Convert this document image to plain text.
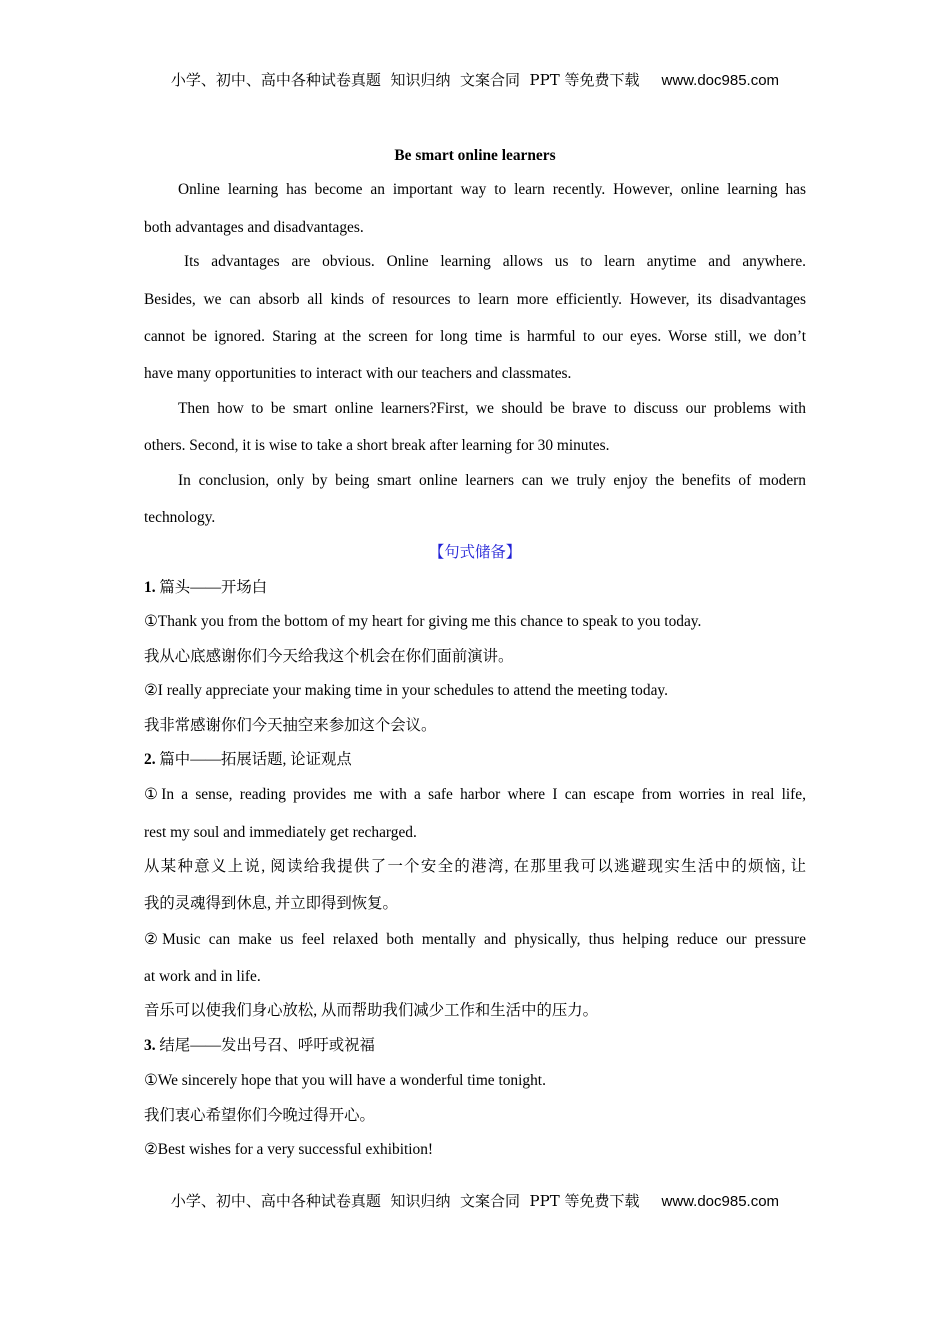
小学、初中、高中各种试卷真题  知识归纳  文案合同  PPT 等免费下载 www.doc985.com
Be smart online learners
Online learning has become an important way to learn recently. However, online learning has
both advantages and disadvantages.
Its advantages are obvious. Online learning allows us to learn anytime and anywhere.
Besides, we can absorb all kinds of resources to learn more efficiently. However, its disadvantages
cannot be ignored. Staring at the screen for long time is harmful to our eyes. Worse still, we don’t
have many opportunities to interact with our teachers and classmates.
Then how to be smart online learners?First, we should be brave to discuss our problems with
others. Second, it is wise to take a short break after learning for 30 minutes.
In conclusion, only by being smart online learners can we truly enjoy the benefits of modern
technology.
【句式储备】
1. 篇头——开场白
①Thank you from the bottom of my heart for giving me this chance to speak to you today.
我从心底感谢你们今天给我这个机会在你们面前演讲。
②I really appreciate your making time in your schedules to attend the meeting today.
我非常感谢你们今天抽空来参加这个会议。
2. 篇中——拓展话题, 论证观点
①In a sense, reading provides me with a safe harbor where I can escape from worries in real life,
rest my soul and immediately get recharged.
从某种意义上说, 阅读给我提供了一个安全的港湾, 在那里我可以逃避现实生活中的烦恼, 让
我的灵魂得到休息, 并立即得到恢复。
②Music can make us feel relaxed both mentally and physically, thus helping reduce our pressure
at work and in life.
音乐可以使我们身心放松, 从而帮助我们减少工作和生活中的压力。
3. 结尾——发出号召、呼吁或祝福
①We sincerely hope that you will have a wonderful time tonight.
我们衷心希望你们今晚过得开心。
②Best wishes for a very successful exhibition!
小学、初中、高中各种试卷真题  知识归纳  文案合同  PPT 等免费下载 www.doc985.com
